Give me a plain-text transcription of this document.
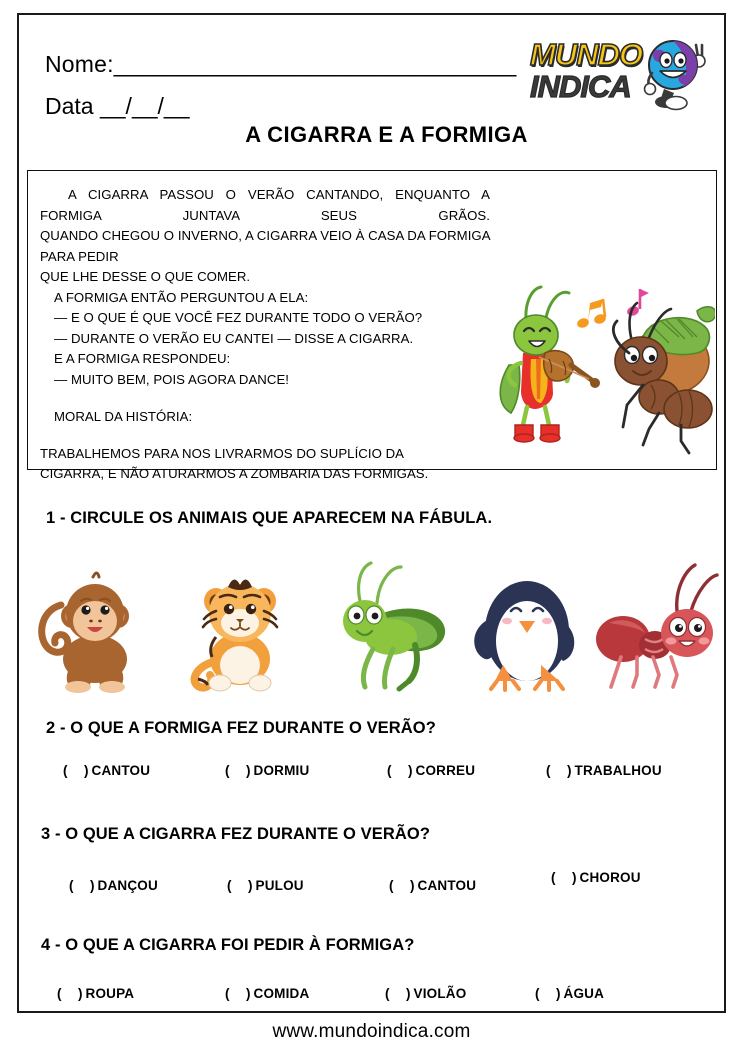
Nome:_______________________________
Data __/__/__
MUNDO
INDICA
A CIGARRA E A FORMIGA

A CIGARRA PASSOU O VERÃO CANTANDO, ENQUANTO A FORMIGA JUNTAVA SEUS GRÃOS.

QUANDO CHEGOU O INVERNO, A CIGARRA VEIO À CASA DA FORMIGA PARA PEDIR

QUE LHE DESSE O QUE COMER.

A FORMIGA ENTÃO PERGUNTOU A ELA:

— E O QUE É QUE VOCÊ FEZ DURANTE TODO O VERÃO?

— DURANTE O VERÃO EU CANTEI — DISSE A CIGARRA.

E A FORMIGA RESPONDEU:

— MUITO BEM, POIS AGORA DANCE!

MORAL DA HISTÓRIA:

TRABALHEMOS PARA NOS LIVRARMOS DO SUPLÍCIO DA

CIGARRA, E NÃO ATURARMOS A ZOMBARIA DAS FORMIGAS.

1 - CIRCULE OS ANIMAIS QUE APARECEM NA FÁBULA.
2 - O QUE A FORMIGA FEZ DURANTE O VERÃO?
(  )CANTOU	(  )DORMIU	(  )CORREU	(  )TRABALHOU
3 - O QUE A CIGARRA FEZ DURANTE O VERÃO?
(  )DANÇOU	(  )PULOU	(  )CANTOU
(  )CHOROU
4 - O QUE A CIGARRA FOI PEDIR À FORMIGA?
(  )ROUPA	(  )COMIDA	(  )VIOLÃO	(  )ÁGUA
www.mundoindica.com
